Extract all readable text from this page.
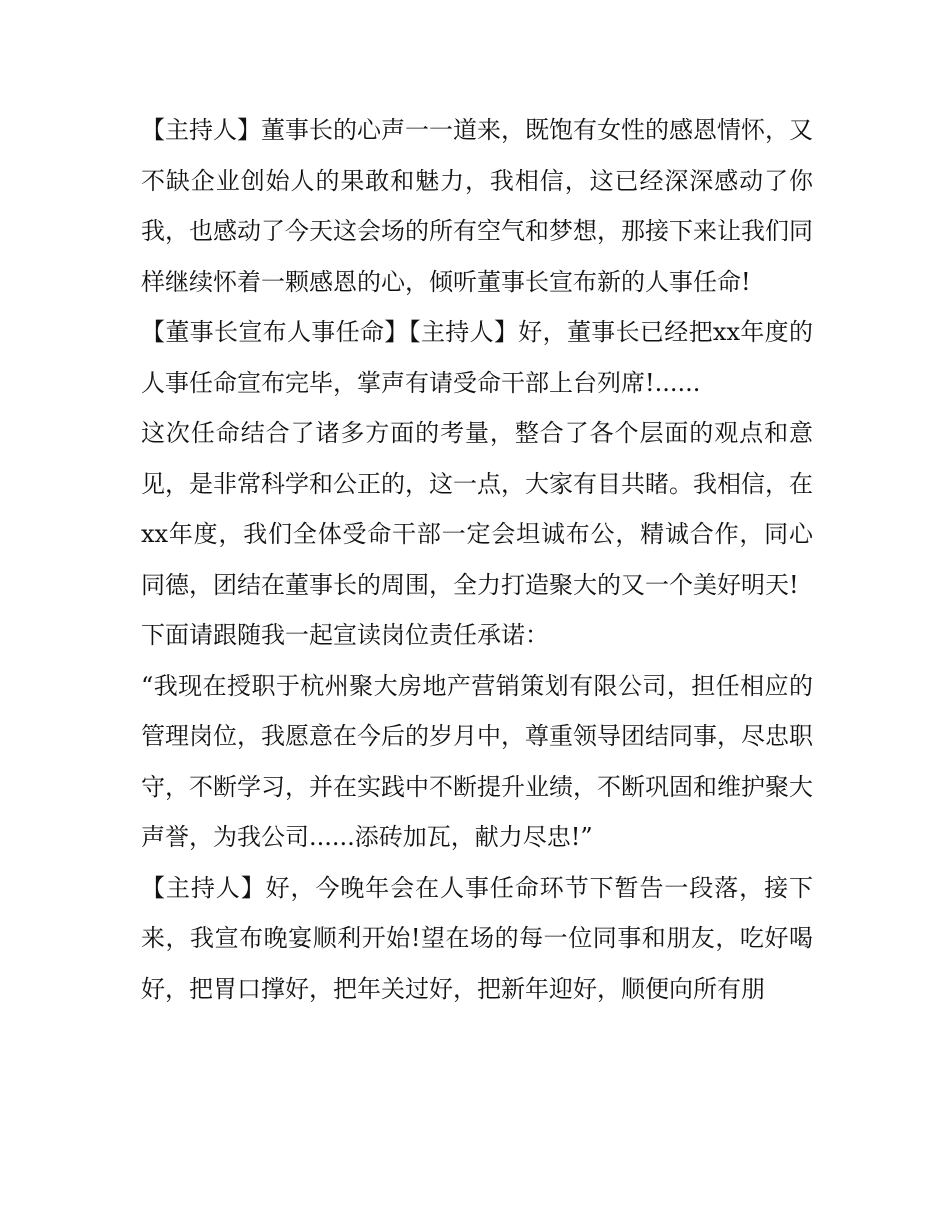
【主持人】董事长的心声一一道来，既饱有女性的感恩情怀，又不缺企业创始人的果敢和魅力，我相信，这已经深深感动了你我，也感动了今天这会场的所有空气和梦想，那接下来让我们同样继续怀着一颗感恩的心，倾听董事长宣布新的人事任命!

【董事长宣布人事任命】【主持人】好，董事长已经把xx年度的人事任命宣布完毕，掌声有请受命干部上台列席!......

这次任命结合了诸多方面的考量，整合了各个层面的观点和意见，是非常科学和公正的，这一点，大家有目共睹。我相信，在xx年度，我们全体受命干部一定会坦诚布公，精诚合作，同心同德，团结在董事长的周围，全力打造聚大的又一个美好明天!

下面请跟随我一起宣读岗位责任承诺：

“我现在授职于杭州聚大房地产营销策划有限公司，担任相应的管理岗位，我愿意在今后的岁月中，尊重领导团结同事，尽忠职守，不断学习，并在实践中不断提升业绩，不断巩固和维护聚大声誉，为我公司......添砖加瓦，献力尽忠!”

【主持人】好，今晚年会在人事任命环节下暂告一段落，接下来，我宣布晚宴顺利开始!望在场的每一位同事和朋友，吃好喝好，把胃口撑好，把年关过好，把新年迎好，顺便向所有朋
